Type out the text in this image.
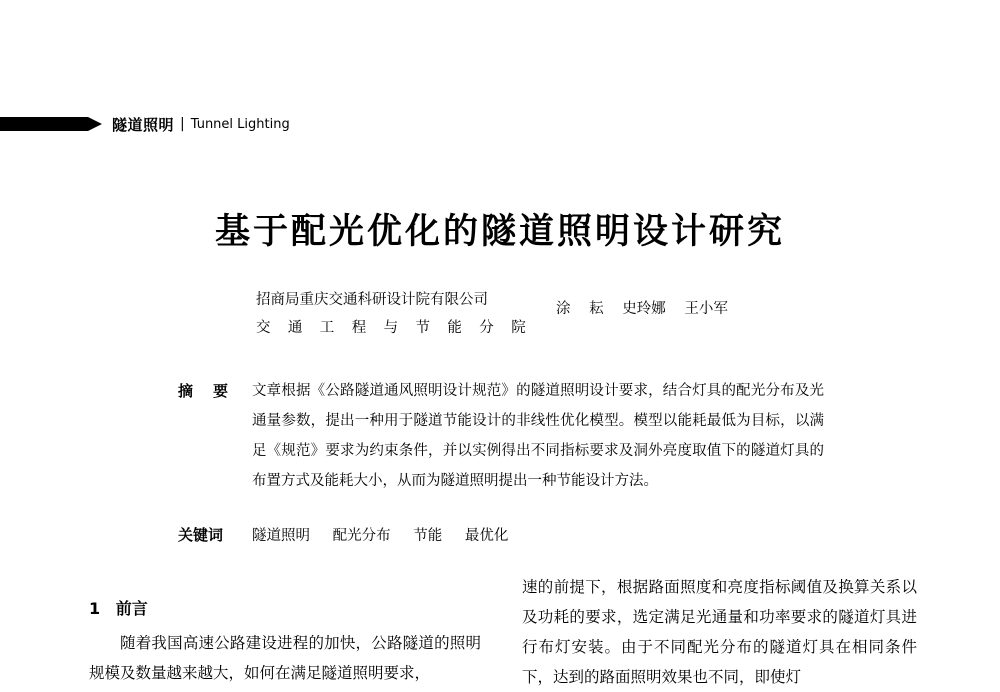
隧道照明 | Tunnel Lighting
基于配光优化的隧道照明设计研究
招商局重庆交通科研设计院有限公司
交通工程与节能分院
涂 耘 史玲娜 王小军
摘要 文章根据《公路隧道通风照明设计规范》的隧道照明设计要求，结合灯具的配光分布及光通量参数，提出一种用于隧道节能设计的非线性优化模型。模型以能耗最低为目标，以满足《规范》要求为约束条件，并以实例得出不同指标要求及洞外亮度取值下的隧道灯具的布置方式及能耗大小，从而为隧道照明提出一种节能设计方法。
关键词 隧道照明 配光分布 节能 最优化
1 前言
随着我国高速公路建设进程的加快，公路隧道的照明规模及数量越来越大，如何在满足隧道照明要求，
速的前提下，根据路面照度和亮度指标阈值及换算关系以及功耗的要求，选定满足光通量和功率要求的隧道灯具进行布灯安装。由于不同配光分布的隧道灯具在相同条件下，达到的路面照明效果也不同，即使灯
